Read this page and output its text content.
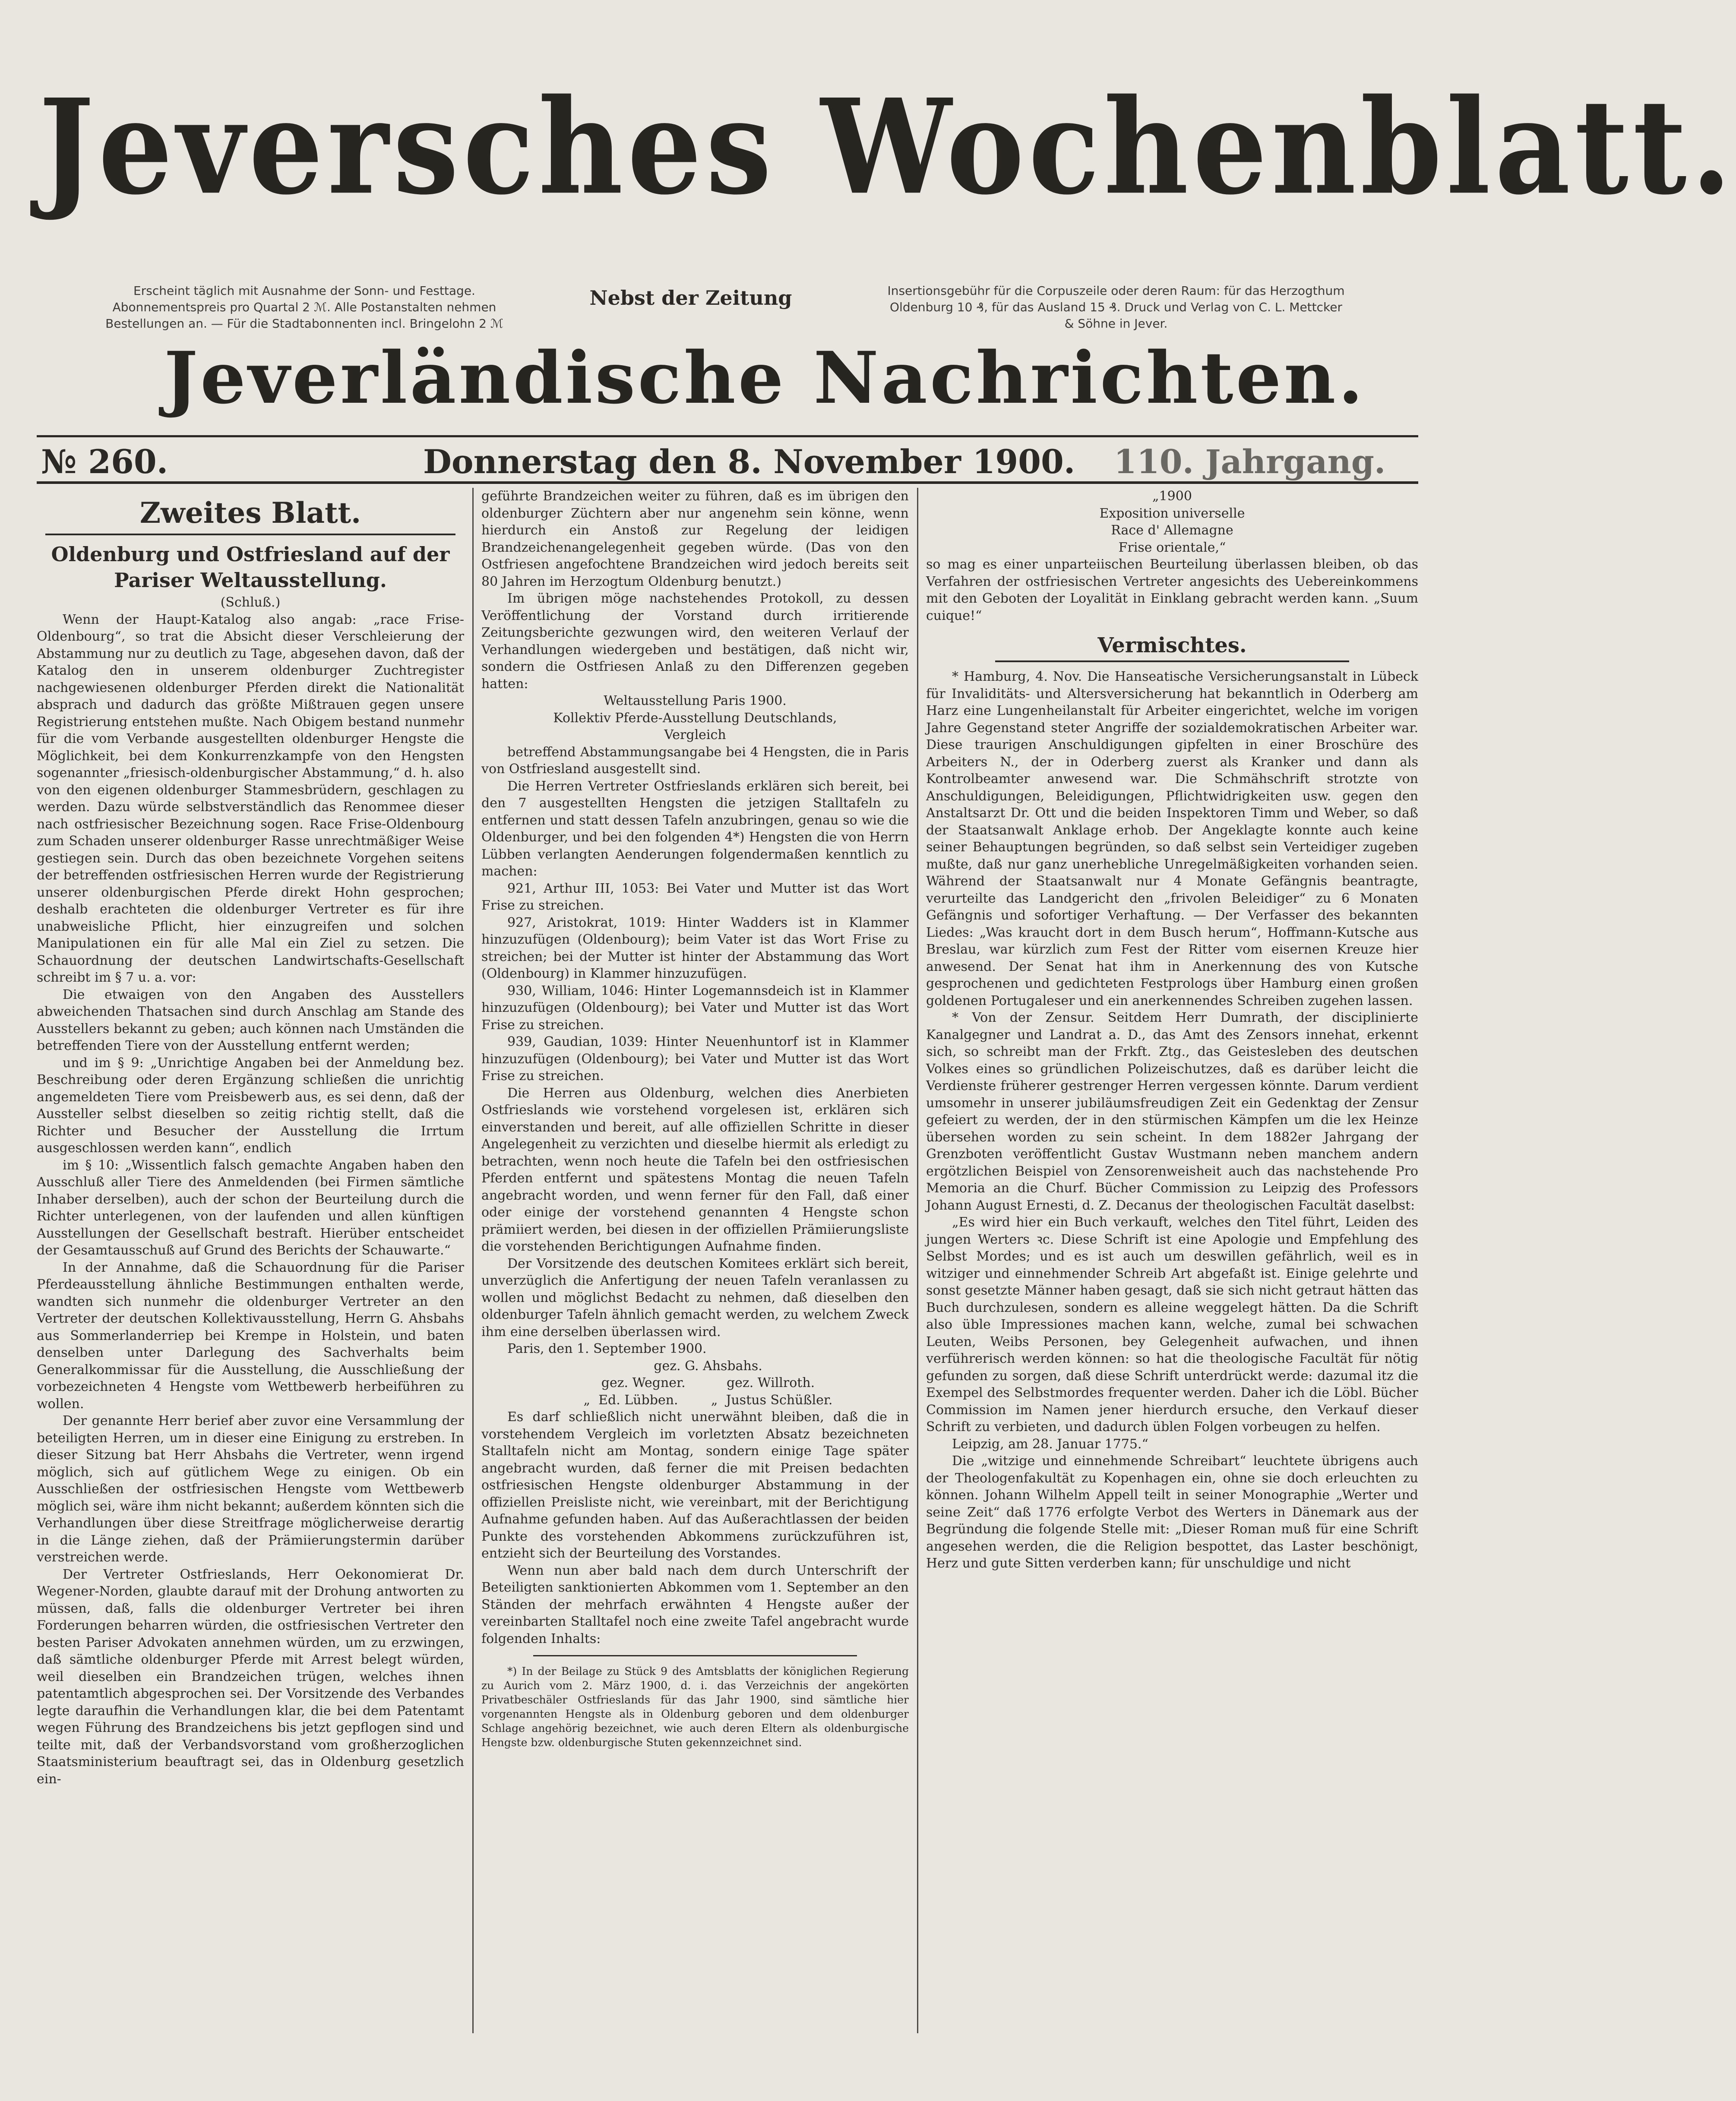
Jeversches Wochenblatt.
Erscheint täglich mit Ausnahme der Sonn- und Festtage. Abonnementspreis pro Quartal 2 ℳ. Alle Postanstalten nehmen Bestellungen an. — Für die Stadtabonnenten incl. Bringelohn 2 ℳ
Nebst der Zeitung	Insertionsgebühr für die Corpuszeile oder deren Raum: für das Herzogthum Oldenburg 10 ₰, für das Ausland 15 ₰. Druck und Verlag von C. L. Mettcker & Söhne in Jever.
Jeverländische Nachrichten.
№ 260.	Donnerstag den 8. November 1900. 110. Jahrgang.
Zweites Blatt.
Oldenburg und Ostfriesland auf der Pariser Weltausstellung.

(Schluß.)

Wenn der Haupt-Katalog also angab: „race Frise-Oldenbourg“, so trat die Absicht dieser Verschleierung der Abstammung nur zu deutlich zu Tage, abgesehen davon, daß der Katalog den in unserem oldenburger Zuchtregister nachgewiesenen oldenburger Pferden direkt die Nationalität absprach und dadurch das größte Mißtrauen gegen unsere Registrierung entstehen mußte. Nach Obigem bestand nunmehr für die vom Verbande ausgestellten oldenburger Hengste die Möglichkeit, bei dem Konkurrenzkampfe von den Hengsten sogenannter „friesisch-oldenburgischer Abstammung,“ d. h. also von den eigenen oldenburger Stammesbrüdern, geschlagen zu werden. Dazu würde selbstverständlich das Renommee dieser nach ostfriesischer Bezeichnung sogen. Race Frise-Oldenbourg zum Schaden unserer oldenburger Rasse unrechtmäßiger Weise gestiegen sein. Durch das oben bezeichnete Vorgehen seitens der betreffenden ostfriesischen Herren wurde der Registrierung unserer oldenburgischen Pferde direkt Hohn gesprochen; deshalb erachteten die oldenburger Vertreter es für ihre unabweisliche Pflicht, hier einzugreifen und solchen Manipulationen ein für alle Mal ein Ziel zu setzen. Die Schauordnung der deutschen Landwirtschafts-Gesellschaft schreibt im § 7 u. a. vor:

Die etwaigen von den Angaben des Ausstellers abweichenden Thatsachen sind durch Anschlag am Stande des Ausstellers bekannt zu geben; auch können nach Umständen die betreffenden Tiere von der Ausstellung entfernt werden;

und im § 9: „Unrichtige Angaben bei der Anmeldung bez. Beschreibung oder deren Ergänzung schließen die unrichtig angemeldeten Tiere vom Preisbewerb aus, es sei denn, daß der Aussteller selbst dieselben so zeitig richtig stellt, daß die Richter und Besucher der Ausstellung die Irrtum ausgeschlossen werden kann“, endlich

im § 10: „Wissentlich falsch gemachte Angaben haben den Ausschluß aller Tiere des Anmeldenden (bei Firmen sämtliche Inhaber derselben), auch der schon der Beurteilung durch die Richter unterlegenen, von der laufenden und allen künftigen Ausstellungen der Gesellschaft bestraft. Hierüber entscheidet der Gesamtausschuß auf Grund des Berichts der Schauwarte.“

In der Annahme, daß die Schauordnung für die Pariser Pferdeausstellung ähnliche Bestimmungen enthalten werde, wandten sich nunmehr die oldenburger Vertreter an den Vertreter der deutschen Kollektivausstellung, Herrn G. Ahsbahs aus Sommerlanderriep bei Krempe in Holstein, und baten denselben unter Darlegung des Sachverhalts beim Generalkommissar für die Ausstellung, die Ausschließung der vorbezeichneten 4 Hengste vom Wettbewerb herbeiführen zu wollen.

Der genannte Herr berief aber zuvor eine Versammlung der beteiligten Herren, um in dieser eine Einigung zu erstreben. In dieser Sitzung bat Herr Ahsbahs die Vertreter, wenn irgend möglich, sich auf gütlichem Wege zu einigen. Ob ein Ausschließen der ostfriesischen Hengste vom Wettbewerb möglich sei, wäre ihm nicht bekannt; außerdem könnten sich die Verhandlungen über diese Streitfrage möglicherweise derartig in die Länge ziehen, daß der Prämiierungstermin darüber verstreichen werde.

Der Vertreter Ostfrieslands, Herr Oekonomierat Dr. Wegener-Norden, glaubte darauf mit der Drohung antworten zu müssen, daß, falls die oldenburger Vertreter bei ihren Forderungen beharren würden, die ostfriesischen Vertreter den besten Pariser Advokaten annehmen würden, um zu erzwingen, daß sämtliche oldenburger Pferde mit Arrest belegt würden, weil dieselben ein Brandzeichen trügen, welches ihnen patentamtlich abgesprochen sei. Der Vorsitzende des Verbandes legte daraufhin die Verhandlungen klar, die bei dem Patentamt wegen Führung des Brandzeichens bis jetzt gepflogen sind und teilte mit, daß der Verbandsvorstand vom großherzoglichen Staatsministerium beauftragt sei, das in Oldenburg gesetzlich ein-

geführte Brandzeichen weiter zu führen, daß es im übrigen den oldenburger Züchtern aber nur angenehm sein könne, wenn hierdurch ein Anstoß zur Regelung der leidigen Brandzeichenangelegenheit gegeben würde. (Das von den Ostfriesen angefochtene Brandzeichen wird jedoch bereits seit 80 Jahren im Herzogtum Oldenburg benutzt.)

Im übrigen möge nachstehendes Protokoll, zu dessen Veröffentlichung der Vorstand durch irritierende Zeitungsberichte gezwungen wird, den weiteren Verlauf der Verhandlungen wiedergeben und bestätigen, daß nicht wir, sondern die Ostfriesen Anlaß zu den Differenzen gegeben hatten:

Weltausstellung Paris 1900.

Kollektiv Pferde-Ausstellung Deutschlands,

Vergleich

betreffend Abstammungsangabe bei 4 Hengsten, die in Paris von Ostfriesland ausgestellt sind.

Die Herren Vertreter Ostfrieslands erklären sich bereit, bei den 7 ausgestellten Hengsten die jetzigen Stalltafeln zu entfernen und statt dessen Tafeln anzubringen, genau so wie die Oldenburger, und bei den folgenden 4*) Hengsten die von Herrn Lübben verlangten Aenderungen folgendermaßen kenntlich zu machen:

921, Arthur III, 1053: Bei Vater und Mutter ist das Wort Frise zu streichen.

927, Aristokrat, 1019: Hinter Wadders ist in Klammer hinzuzufügen (Oldenbourg); beim Vater ist das Wort Frise zu streichen; bei der Mutter ist hinter der Abstammung das Wort (Oldenbourg) in Klammer hinzuzufügen.

930, William, 1046: Hinter Logemannsdeich ist in Klammer hinzuzufügen (Oldenbourg); bei Vater und Mutter ist das Wort Frise zu streichen.

939, Gaudian, 1039: Hinter Neuenhuntorf ist in Klammer hinzuzufügen (Oldenbourg); bei Vater und Mutter ist das Wort Frise zu streichen.

Die Herren aus Oldenburg, welchen dies Anerbieten Ostfrieslands wie vorstehend vorgelesen ist, erklären sich einverstanden und bereit, auf alle offiziellen Schritte in dieser Angelegenheit zu verzichten und dieselbe hiermit als erledigt zu betrachten, wenn noch heute die Tafeln bei den ostfriesischen Pferden entfernt und spätestens Montag die neuen Tafeln angebracht worden, und wenn ferner für den Fall, daß einer oder einige der vorstehend genannten 4 Hengste schon prämiiert werden, bei diesen in der offiziellen Prämiierungsliste die vorstehenden Berichtigungen Aufnahme finden.

Der Vorsitzende des deutschen Komitees erklärt sich bereit, unverzüglich die Anfertigung der neuen Tafeln veranlassen zu wollen und möglichst Bedacht zu nehmen, daß dieselben den oldenburger Tafeln ähnlich gemacht werden, zu welchem Zweck ihm eine derselben überlassen wird.

Paris, den 1. September 1900.

gez. G. Ahsbahs.

gez. Wegner.          gez. Willroth.

„  Ed. Lübben.        „  Justus Schüßler.

Es darf schließlich nicht unerwähnt bleiben, daß die in vorstehendem Vergleich im vorletzten Absatz bezeichneten Stalltafeln nicht am Montag, sondern einige Tage später angebracht wurden, daß ferner die mit Preisen bedachten ostfriesischen Hengste oldenburger Abstammung in der offiziellen Preisliste nicht, wie vereinbart, mit der Berichtigung Aufnahme gefunden haben. Auf das Außerachtlassen der beiden Punkte des vorstehenden Abkommens zurückzuführen ist, entzieht sich der Beurteilung des Vorstandes.

Wenn nun aber bald nach dem durch Unterschrift der Beteiligten sanktionierten Abkommen vom 1. September an den Ständen der mehrfach erwähnten 4 Hengste außer der vereinbarten Stalltafel noch eine zweite Tafel angebracht wurde folgenden Inhalts:

*) In der Beilage zu Stück 9 des Amtsblatts der königlichen Regierung zu Aurich vom 2. März 1900, d. i. das Verzeichnis der angekörten Privatbeschäler Ostfrieslands für das Jahr 1900, sind sämtliche hier vorgenannten Hengste als in Oldenburg geboren und dem oldenburger Schlage angehörig bezeichnet, wie auch deren Eltern als oldenburgische Hengste bzw. oldenburgische Stuten gekennzeichnet sind.

„1900

Exposition universelle

Race d' Allemagne

Frise orientale,“

so mag es einer unparteiischen Beurteilung überlassen bleiben, ob das Verfahren der ostfriesischen Vertreter angesichts des Uebereinkommens mit den Geboten der Loyalität in Einklang gebracht werden kann. „Suum cuique!“

Vermischtes.

* Hamburg, 4. Nov. Die Hanseatische Versicherungsanstalt in Lübeck für Invaliditäts- und Altersversicherung hat bekanntlich in Oderberg am Harz eine Lungenheilanstalt für Arbeiter eingerichtet, welche im vorigen Jahre Gegenstand steter Angriffe der sozialdemokratischen Arbeiter war. Diese traurigen Anschuldigungen gipfelten in einer Broschüre des Arbeiters N., der in Oderberg zuerst als Kranker und dann als Kontrolbeamter anwesend war. Die Schmähschrift strotzte von Anschuldigungen, Beleidigungen, Pflichtwidrigkeiten usw. gegen den Anstaltsarzt Dr. Ott und die beiden Inspektoren Timm und Weber, so daß der Staatsanwalt Anklage erhob. Der Angeklagte konnte auch keine seiner Behauptungen begründen, so daß selbst sein Verteidiger zugeben mußte, daß nur ganz unerhebliche Unregelmäßigkeiten vorhanden seien. Während der Staatsanwalt nur 4 Monate Gefängnis beantragte, verurteilte das Landgericht den „frivolen Beleidiger“ zu 6 Monaten Gefängnis und sofortiger Verhaftung. — Der Verfasser des bekannten Liedes: „Was kraucht dort in dem Busch herum“, Hoffmann-Kutsche aus Breslau, war kürzlich zum Fest der Ritter vom eisernen Kreuze hier anwesend. Der Senat hat ihm in Anerkennung des von Kutsche gesprochenen und gedichteten Festprologs über Hamburg einen großen goldenen Portugaleser und ein anerkennendes Schreiben zugehen lassen.

* Von der Zensur. Seitdem Herr Dumrath, der disciplinierte Kanalgegner und Landrat a. D., das Amt des Zensors innehat, erkennt sich, so schreibt man der Frkft. Ztg., das Geistesleben des deutschen Volkes eines so gründlichen Polizeischutzes, daß es darüber leicht die Verdienste früherer gestrenger Herren vergessen könnte. Darum verdient umsomehr in unserer jubiläumsfreudigen Zeit ein Gedenktag der Zensur gefeiert zu werden, der in den stürmischen Kämpfen um die lex Heinze übersehen worden zu sein scheint. In dem 1882er Jahrgang der Grenzboten veröffentlicht Gustav Wustmann neben manchem andern ergötzlichen Beispiel von Zensorenweisheit auch das nachstehende Pro Memoria an die Churf. Bücher Commission zu Leipzig des Professors Johann August Ernesti, d. Z. Decanus der theologischen Facultät daselbst:

„Es wird hier ein Buch verkauft, welches den Titel führt, Leiden des jungen Werters ꝛc. Diese Schrift ist eine Apologie und Empfehlung des Selbst Mordes; und es ist auch um deswillen gefährlich, weil es in witziger und einnehmender Schreib Art abgefaßt ist. Einige gelehrte und sonst gesetzte Männer haben gesagt, daß sie sich nicht getraut hätten das Buch durchzulesen, sondern es alleine weggelegt hätten. Da die Schrift also üble Impressiones machen kann, welche, zumal bei schwachen Leuten, Weibs Personen, bey Gelegenheit aufwachen, und ihnen verführerisch werden können: so hat die theologische Facultät für nötig gefunden zu sorgen, daß diese Schrift unterdrückt werde: dazumal itz die Exempel des Selbstmordes frequenter werden. Daher ich die Löbl. Bücher Commission im Namen jener hierdurch ersuche, den Verkauf dieser Schrift zu verbieten, und dadurch üblen Folgen vorbeugen zu helfen.

Leipzig, am 28. Januar 1775.“

Die „witzige und einnehmende Schreibart“ leuchtete übrigens auch der Theologenfakultät zu Kopenhagen ein, ohne sie doch erleuchten zu können. Johann Wilhelm Appell teilt in seiner Monographie „Werter und seine Zeit“ daß 1776 erfolgte Verbot des Werters in Dänemark aus der Begründung die folgende Stelle mit: „Dieser Roman muß für eine Schrift angesehen werden, die die Religion bespottet, das Laster beschönigt, Herz und gute Sitten verderben kann; für unschuldige und nicht
